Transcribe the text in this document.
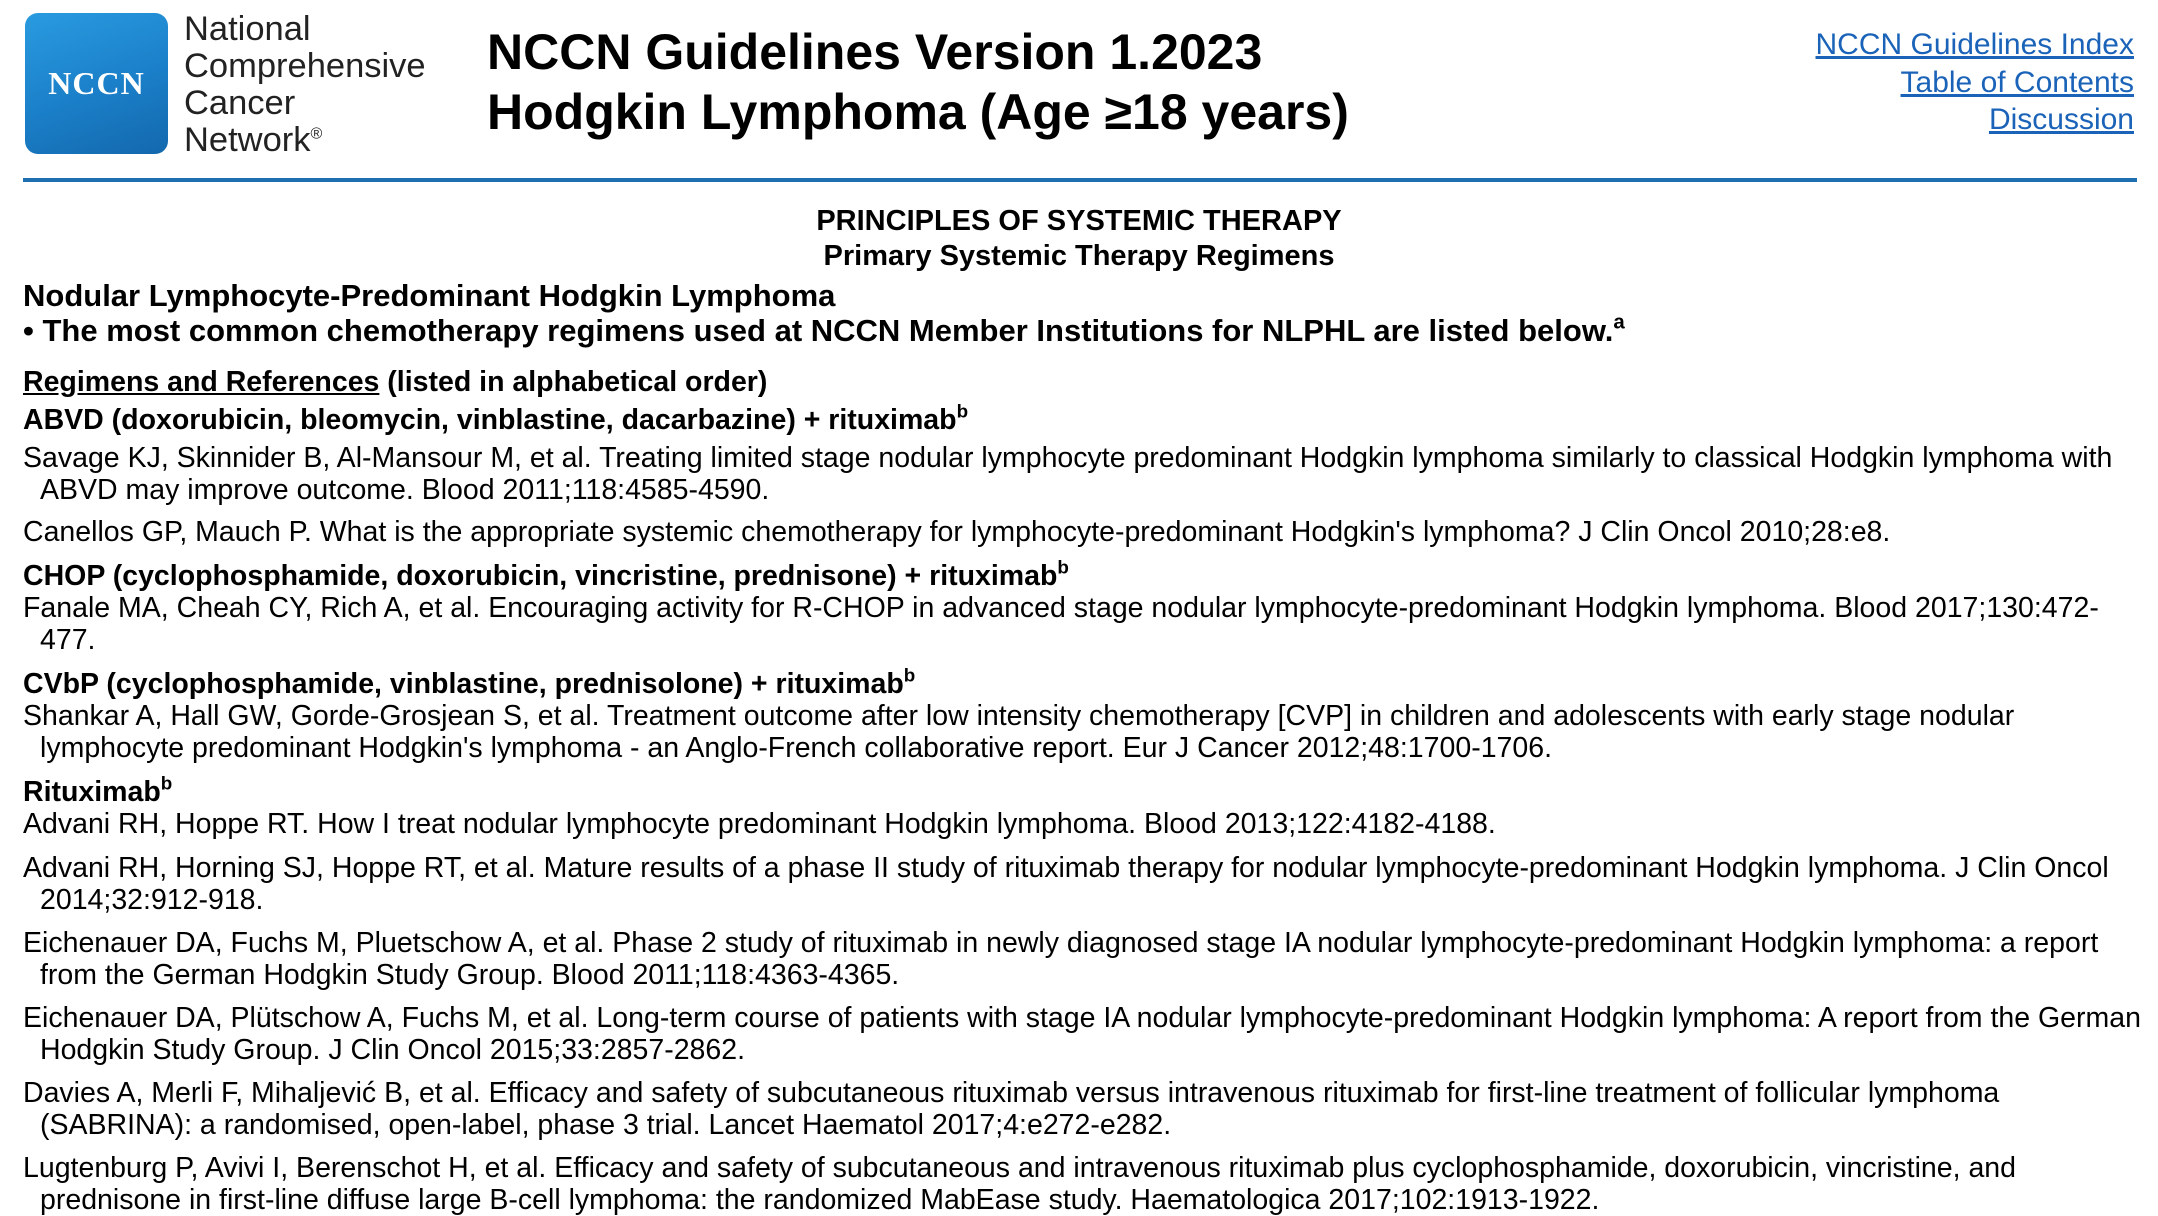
NCCN
National
Comprehensive
Cancer
Network®
NCCN Guidelines Version 1.2023
Hodgkin Lymphoma (Age ≥18 years)
NCCN Guidelines Index
Table of Contents
Discussion
PRINCIPLES OF SYSTEMIC THERAPY
Primary Systemic Therapy Regimens
Nodular Lymphocyte-Predominant Hodgkin Lymphoma
• The most common chemotherapy regimens used at NCCN Member Institutions for NLPHL are listed below.$^a$
Regimens and References (listed in alphabetical order)
ABVD (doxorubicin, bleomycin, vinblastine, dacarbazine) + rituximab$^b$
Savage KJ, Skinnider B, Al-Mansour M, et al. Treating limited stage nodular lymphocyte predominant Hodgkin lymphoma similarly to classical Hodgkin lymphoma with
ABVD may improve outcome. Blood 2011;118:4585-4590.
Canellos GP, Mauch P. What is the appropriate systemic chemotherapy for lymphocyte-predominant Hodgkin's lymphoma? J Clin Oncol 2010;28:e8.
CHOP (cyclophosphamide, doxorubicin, vincristine, prednisone) + rituximab$^b$
Fanale MA, Cheah CY, Rich A, et al. Encouraging activity for R-CHOP in advanced stage nodular lymphocyte-predominant Hodgkin lymphoma. Blood 2017;130:472-
477.
CVbP (cyclophosphamide, vinblastine, prednisolone) + rituximab$^b$
Shankar A, Hall GW, Gorde-Grosjean S, et al. Treatment outcome after low intensity chemotherapy [CVP] in children and adolescents with early stage nodular
lymphocyte predominant Hodgkin's lymphoma - an Anglo-French collaborative report. Eur J Cancer 2012;48:1700-1706.
Rituximab$^b$
Advani RH, Hoppe RT. How I treat nodular lymphocyte predominant Hodgkin lymphoma. Blood 2013;122:4182-4188.
Advani RH, Horning SJ, Hoppe RT, et al. Mature results of a phase II study of rituximab therapy for nodular lymphocyte-predominant Hodgkin lymphoma. J Clin Oncol
2014;32:912-918.
Eichenauer DA, Fuchs M, Pluetschow A, et al. Phase 2 study of rituximab in newly diagnosed stage IA nodular lymphocyte-predominant Hodgkin lymphoma: a report
from the German Hodgkin Study Group. Blood 2011;118:4363-4365.
Eichenauer DA, Plütschow A, Fuchs M, et al. Long-term course of patients with stage IA nodular lymphocyte-predominant Hodgkin lymphoma: A report from the German
Hodgkin Study Group. J Clin Oncol 2015;33:2857-2862.
Davies A, Merli F, Mihaljević B, et al. Efficacy and safety of subcutaneous rituximab versus intravenous rituximab for first-line treatment of follicular lymphoma
(SABRINA): a randomised, open-label, phase 3 trial. Lancet Haematol 2017;4:e272-e282.
Lugtenburg P, Avivi I, Berenschot H, et al. Efficacy and safety of subcutaneous and intravenous rituximab plus cyclophosphamide, doxorubicin, vincristine, and
prednisone in first-line diffuse large B-cell lymphoma: the randomized MabEase study. Haematologica 2017;102:1913-1922.
